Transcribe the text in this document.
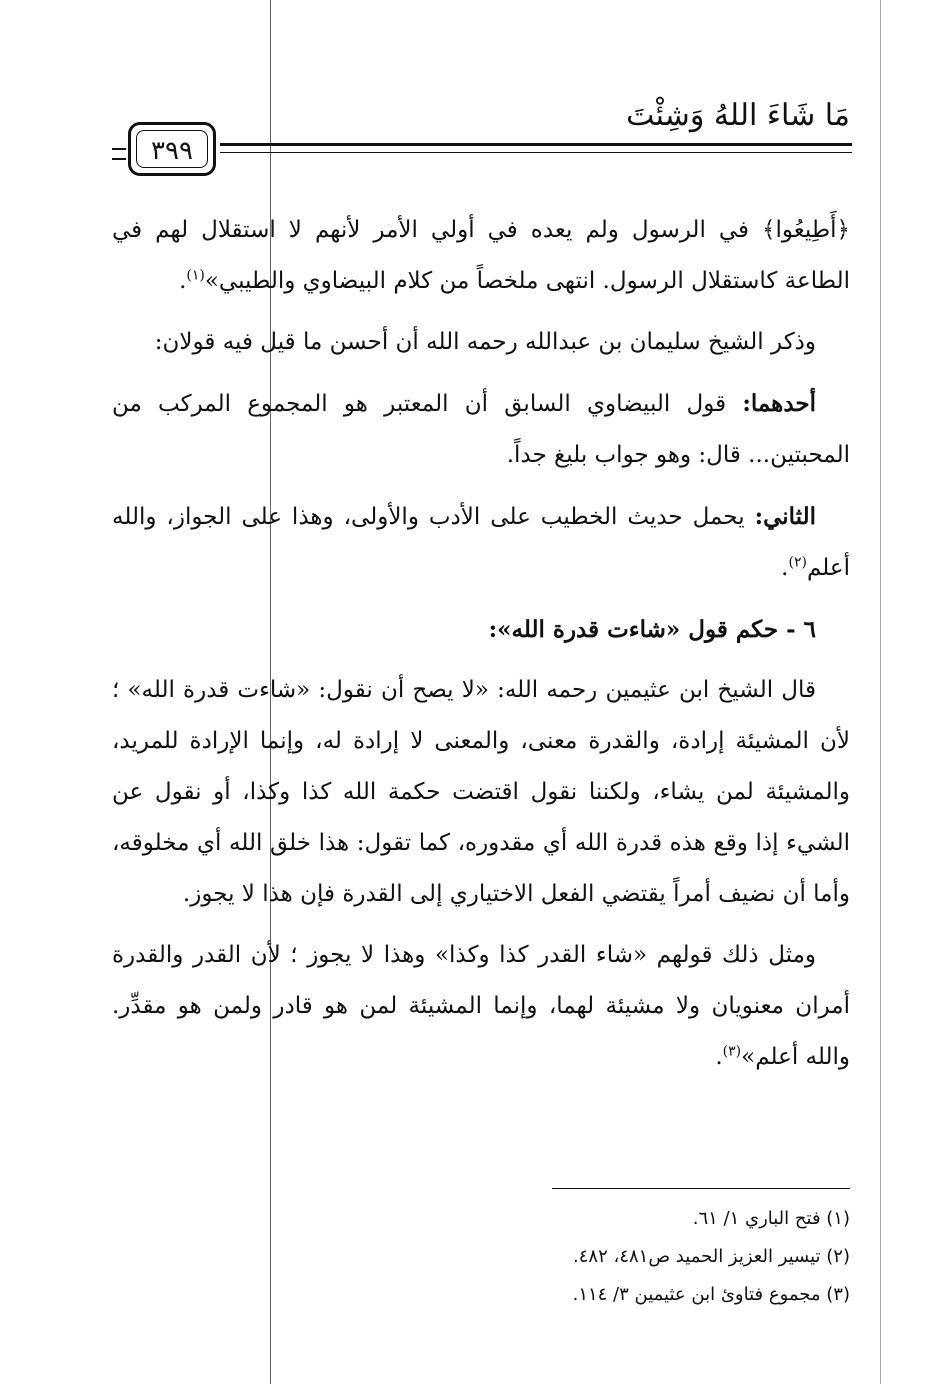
مَا شَاءَ اللهُ وَشِئْتَ
٣٩٩

﴿أَطِيعُوا﴾ في الرسول ولم يعده في أولي الأمر لأنهم لا استقلال لهم في الطاعة كاستقلال الرسول. انتهى ملخصاً من كلام البيضاوي والطيبي»$^{(١)}$.

وذكر الشيخ سليمان بن عبدالله رحمه الله أن أحسن ما قيل فيه قولان:

أحدهما: قول البيضاوي السابق أن المعتبر هو المجموع المركب من المحبتين... قال: وهو جواب بليغ جداً.

الثاني: يحمل حديث الخطيب على الأدب والأولى، وهذا على الجواز، والله أعلم$^{(٢)}$.

٦ - حكم قول «شاءت قدرة الله»:

قال الشيخ ابن عثيمين رحمه الله: «لا يصح أن نقول: «شاءت قدرة الله» ؛ لأن المشيئة إرادة، والقدرة معنى، والمعنى لا إرادة له، وإنما الإرادة للمريد، والمشيئة لمن يشاء، ولكننا نقول اقتضت حكمة الله كذا وكذا، أو نقول عن الشيء إذا وقع هذه قدرة الله أي مقدوره، كما تقول: هذا خلق الله أي مخلوقه، وأما أن نضيف أمراً يقتضي الفعل الاختياري إلى القدرة فإن هذا لا يجوز.

ومثل ذلك قولهم «شاء القدر كذا وكذا» وهذا لا يجوز ؛ لأن القدر والقدرة أمران معنويان ولا مشيئة لهما، وإنما المشيئة لمن هو قادر ولمن هو مقدِّر. والله أعلم»$^{(٣)}$.

(١) فتح الباري ١/ ٦١.
(٢) تيسير العزيز الحميد ص٤٨١، ٤٨٢.
(٣) مجموع فتاوئ ابن عثيمين ٣/ ١١٤.
